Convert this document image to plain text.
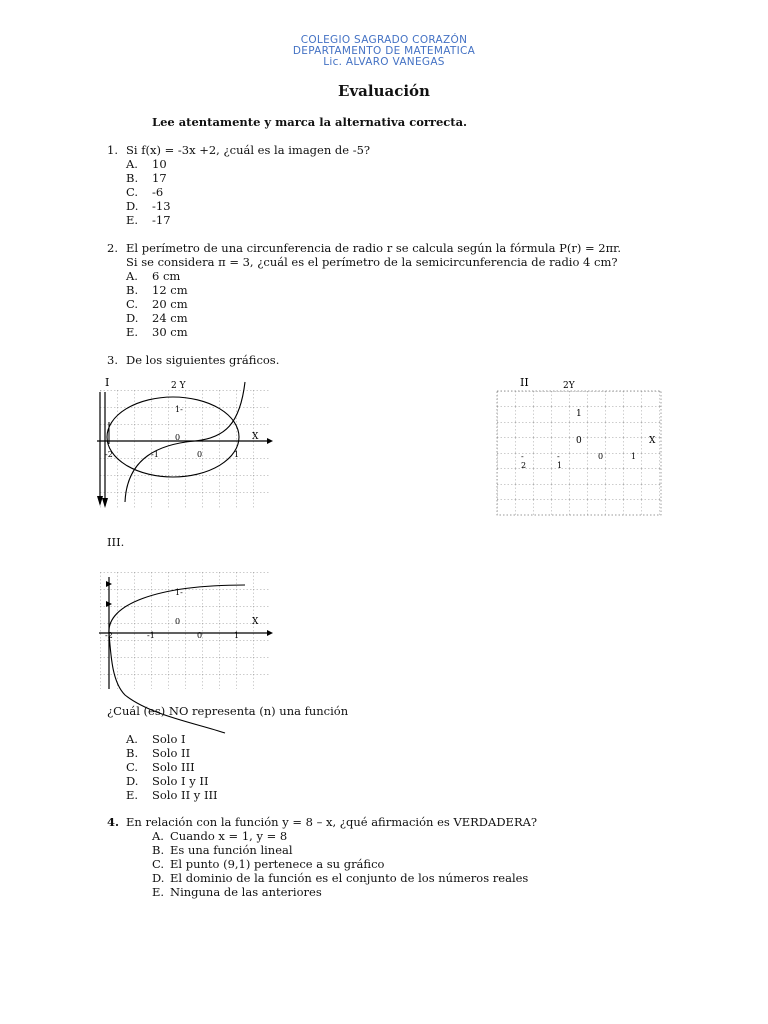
COLEGIO SAGRADO CORAZÓN
DEPARTAMENTO DE MATEMATICA
Lic. ALVARO VANEGAS
Evaluación
Lee atentamente y marca la alternativa correcta.
1. Si f(x) = -3x +2, ¿cuál es la imagen de -5?
A. 10
B. 17
C. -6
D. -13
E. -17
2. El perímetro de una circunferencia de radio r se calcula según la fórmula P(r) = 2πr.
Si se considera π = 3, ¿cuál es el perímetro de la semicircunferencia de radio 4 cm?
A. 6 cm
B. 12 cm
C. 20 cm
D. 24 cm
E. 30 cm
3. De los siguientes gráficos.
I	2 Y
X
1-
0
-2	-1	0	1
II	2Y
1
0	X
-
2
-
1
0	1
III.
X
1-
0
-2	-1	0	1
¿Cuál (es) NO representa (n) una función
A. Solo I
B. Solo II
C. Solo III
D. Solo I y II
E. Solo II y III
4. En relación con la función y = 8 – x, ¿qué afirmación es VERDADERA?
A. Cuando x = 1, y = 8
B. Es una función lineal
C. El punto (9,1) pertenece a su gráfico
D. El dominio de la función es el conjunto de los números reales
E. Ninguna de las anteriores
